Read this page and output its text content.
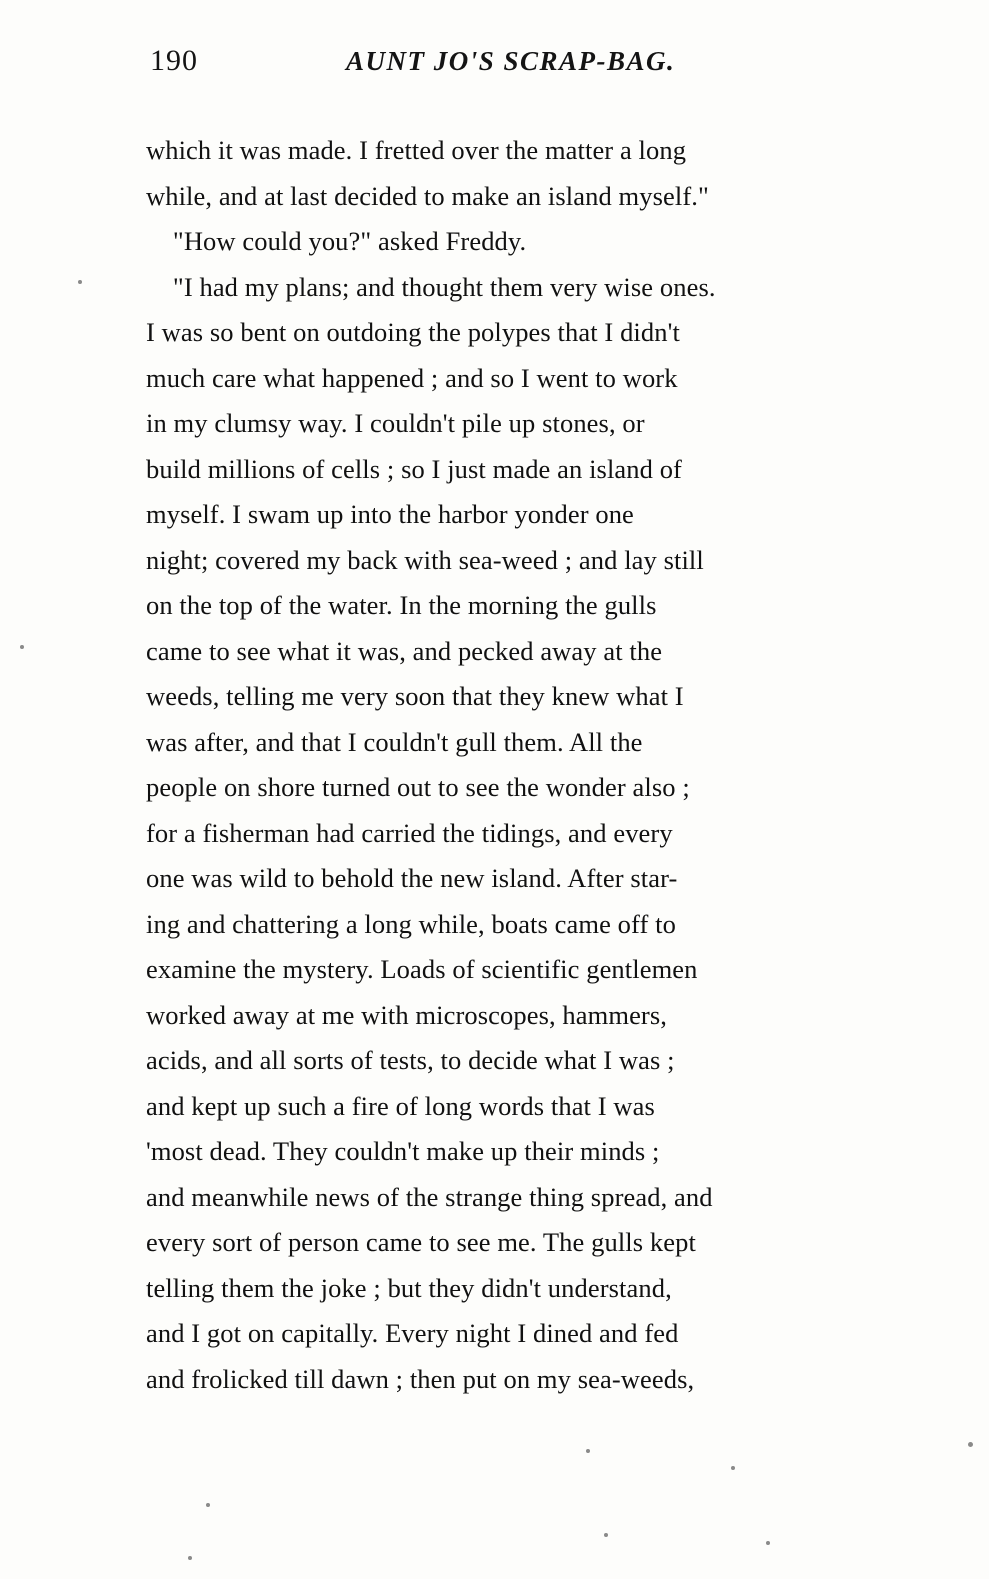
190	AUNT JO'S SCRAP-BAG.
which it was made. I fretted over the matter a long
while, and at last decided to make an island myself."
"How could you?" asked Freddy.
"I had my plans; and thought them very wise ones.
I was so bent on outdoing the polypes that I didn't
much care what happened ; and so I went to work
in my clumsy way. I couldn't pile up stones, or
build millions of cells ; so I just made an island of
myself. I swam up into the harbor yonder one
night; covered my back with sea-weed ; and lay still
on the top of the water. In the morning the gulls
came to see what it was, and pecked away at the
weeds, telling me very soon that they knew what I
was after, and that I couldn't gull them. All the
people on shore turned out to see the wonder also ;
for a fisherman had carried the tidings, and every
one was wild to behold the new island. After star-
ing and chattering a long while, boats came off to
examine the mystery. Loads of scientific gentlemen
worked away at me with microscopes, hammers,
acids, and all sorts of tests, to decide what I was ;
and kept up such a fire of long words that I was
'most dead. They couldn't make up their minds ;
and meanwhile news of the strange thing spread, and
every sort of person came to see me. The gulls kept
telling them the joke ; but they didn't understand,
and I got on capitally. Every night I dined and fed
and frolicked till dawn ; then put on my sea-weeds,
